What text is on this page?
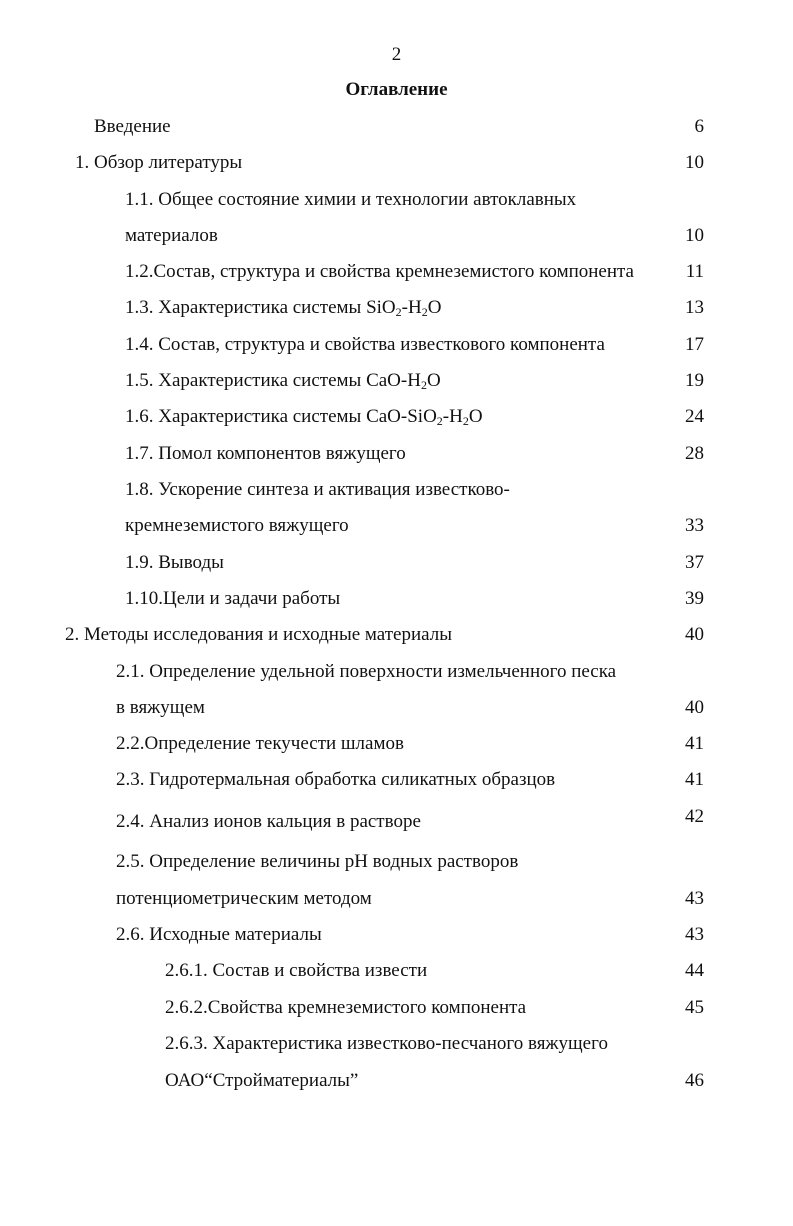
2
Оглавление
Введение	6
1. Обзор литературы	10
1.1. Общее состояние химии и технологии автоклавных
материалов	10
1.2.Состав, структура и свойства кремнеземистого компонента	11
1.3. Характеристика системы $SiO_2-H_2O$	13
1.4. Состав, структура и свойства известкового компонента	17
1.5. Характеристика системы CaO-$H_2O$	19
1.6. Характеристика системы CaO-$SiO_2-H_2O$	24
1.7. Помол компонентов вяжущего	28
1.8. Ускорение синтеза и активация известково-
кремнеземистого вяжущего	33
1.9. Выводы	37
1.10.Цели и задачи работы	39
2. Методы исследования и исходные материалы	40
2.1. Определение удельной поверхности измельченного песка
в вяжущем	40
2.2.Определение текучести шламов	41
2.3. Гидротермальная обработка силикатных образцов	41
2.4. Анализ ионов кальция в растворе	42
2.5. Определение величины pH водных растворов
потенциометрическим методом	43
2.6. Исходные материалы	43
2.6.1. Состав и свойства извести	44
2.6.2.Свойства кремнеземистого компонента	45
2.6.3. Характеристика известково-песчаного вяжущего
ОАО“Стройматериалы”	46
